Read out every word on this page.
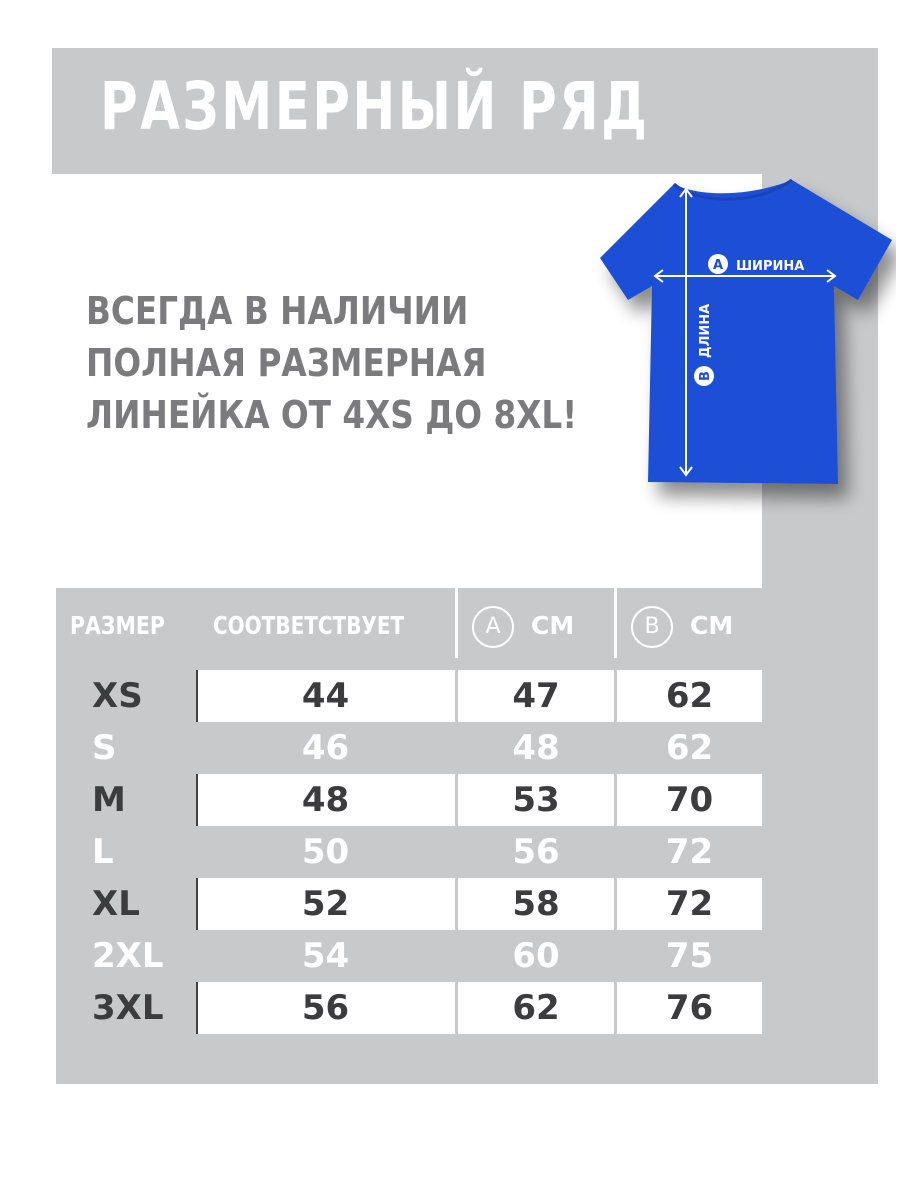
РАЗМЕРНЫЙ РЯД
ВСЕГДА В НАЛИЧИИ
ПОЛНАЯ РАЗМЕРНАЯ
ЛИНЕЙКА ОТ 4XS ДО 8XL!
A ШИРИНА
B
ДЛИНА
РАЗМЕР СООТВЕТСТВУЕТ	A	СМ	B	СМ
XS	44	47	62
S	46	48	62
M	48	53	70
L	50	56	72
XL	52	58	72
2XL	54	60	75
3XL	56	62	76
